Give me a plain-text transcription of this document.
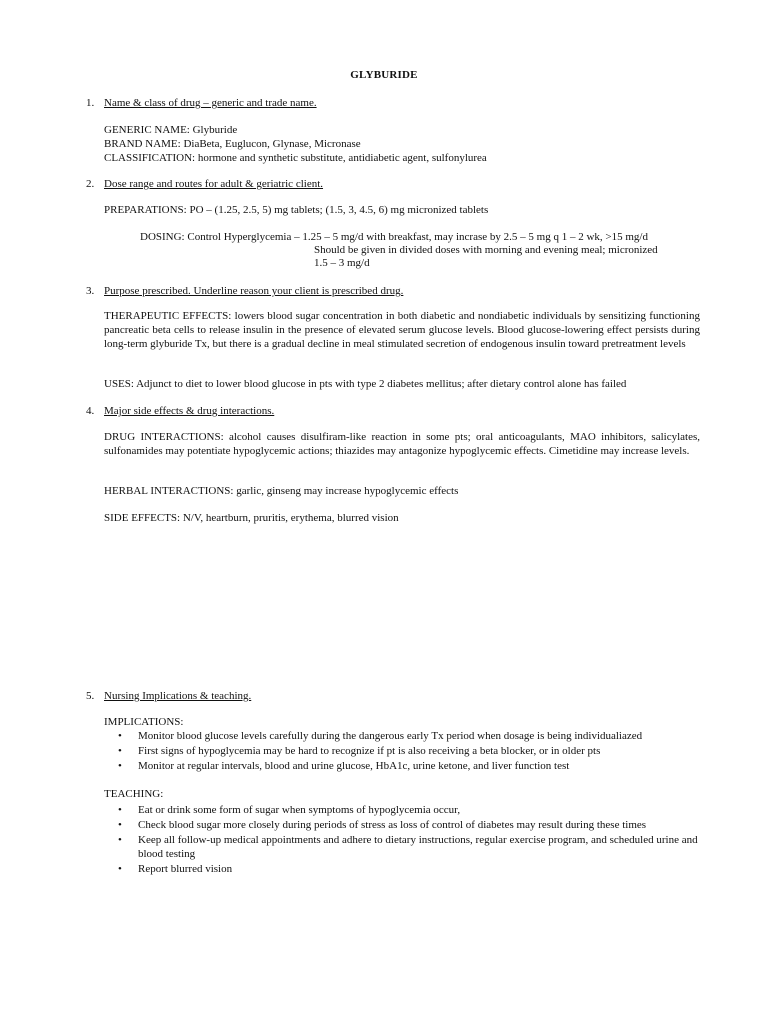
GLYBURIDE
1. Name & class of drug – generic and trade name.
GENERIC NAME: Glyburide
BRAND NAME: DiaBeta, Euglucon, Glynase, Micronase
CLASSIFICATION: hormone and synthetic substitute, antidiabetic agent, sulfonylurea
2. Dose range and routes for adult & geriatric client.
PREPARATIONS: PO – (1.25, 2.5, 5) mg tablets; (1.5, 3, 4.5, 6) mg micronized tablets
DOSING: Control Hyperglycemia – 1.25 – 5 mg/d with breakfast, may incrase by 2.5 – 5 mg q 1 – 2 wk, >15 mg/d
Should be given in divided doses with morning and evening meal; micronized
1.5 – 3 mg/d
3. Purpose prescribed. Underline reason your client is prescribed drug.
THERAPEUTIC EFFECTS: lowers blood sugar concentration in both diabetic and nondiabetic individuals by sensitizing functioning pancreatic beta cells to release insulin in the presence of elevated serum glucose levels. Blood glucose-lowering effect persists during long-term glyburide Tx, but there is a gradual decline in meal stimulated secretion of endogenous insulin toward pretreatment levels
USES: Adjunct to diet to lower blood glucose in pts with type 2 diabetes mellitus; after dietary control alone has failed
4. Major side effects & drug interactions.
DRUG INTERACTIONS: alcohol causes disulfiram-like reaction in some pts; oral anticoagulants, MAO inhibitors, salicylates, sulfonamides may potentiate hypoglycemic actions; thiazides may antagonize hypoglycemic effects. Cimetidine may increase levels.
HERBAL INTERACTIONS: garlic, ginseng may increase hypoglycemic effects
SIDE EFFECTS: N/V, heartburn, pruritis, erythema, blurred vision
5. Nursing Implications & teaching.
IMPLICATIONS:
• Monitor blood glucose levels carefully during the dangerous early Tx period when dosage is being individualiazed
• First signs of hypoglycemia may be hard to recognize if pt is also receiving a beta blocker, or in older pts
• Monitor at regular intervals, blood and urine glucose, HbA1c, urine ketone, and liver function test
TEACHING:
• Eat or drink some form of sugar when symptoms of hypoglycemia occur,
• Check blood sugar more closely during periods of stress as loss of control of diabetes may result during these times
• Keep all follow-up medical appointments and adhere to dietary instructions, regular exercise program, and scheduled urine and blood testing
• Report blurred vision
